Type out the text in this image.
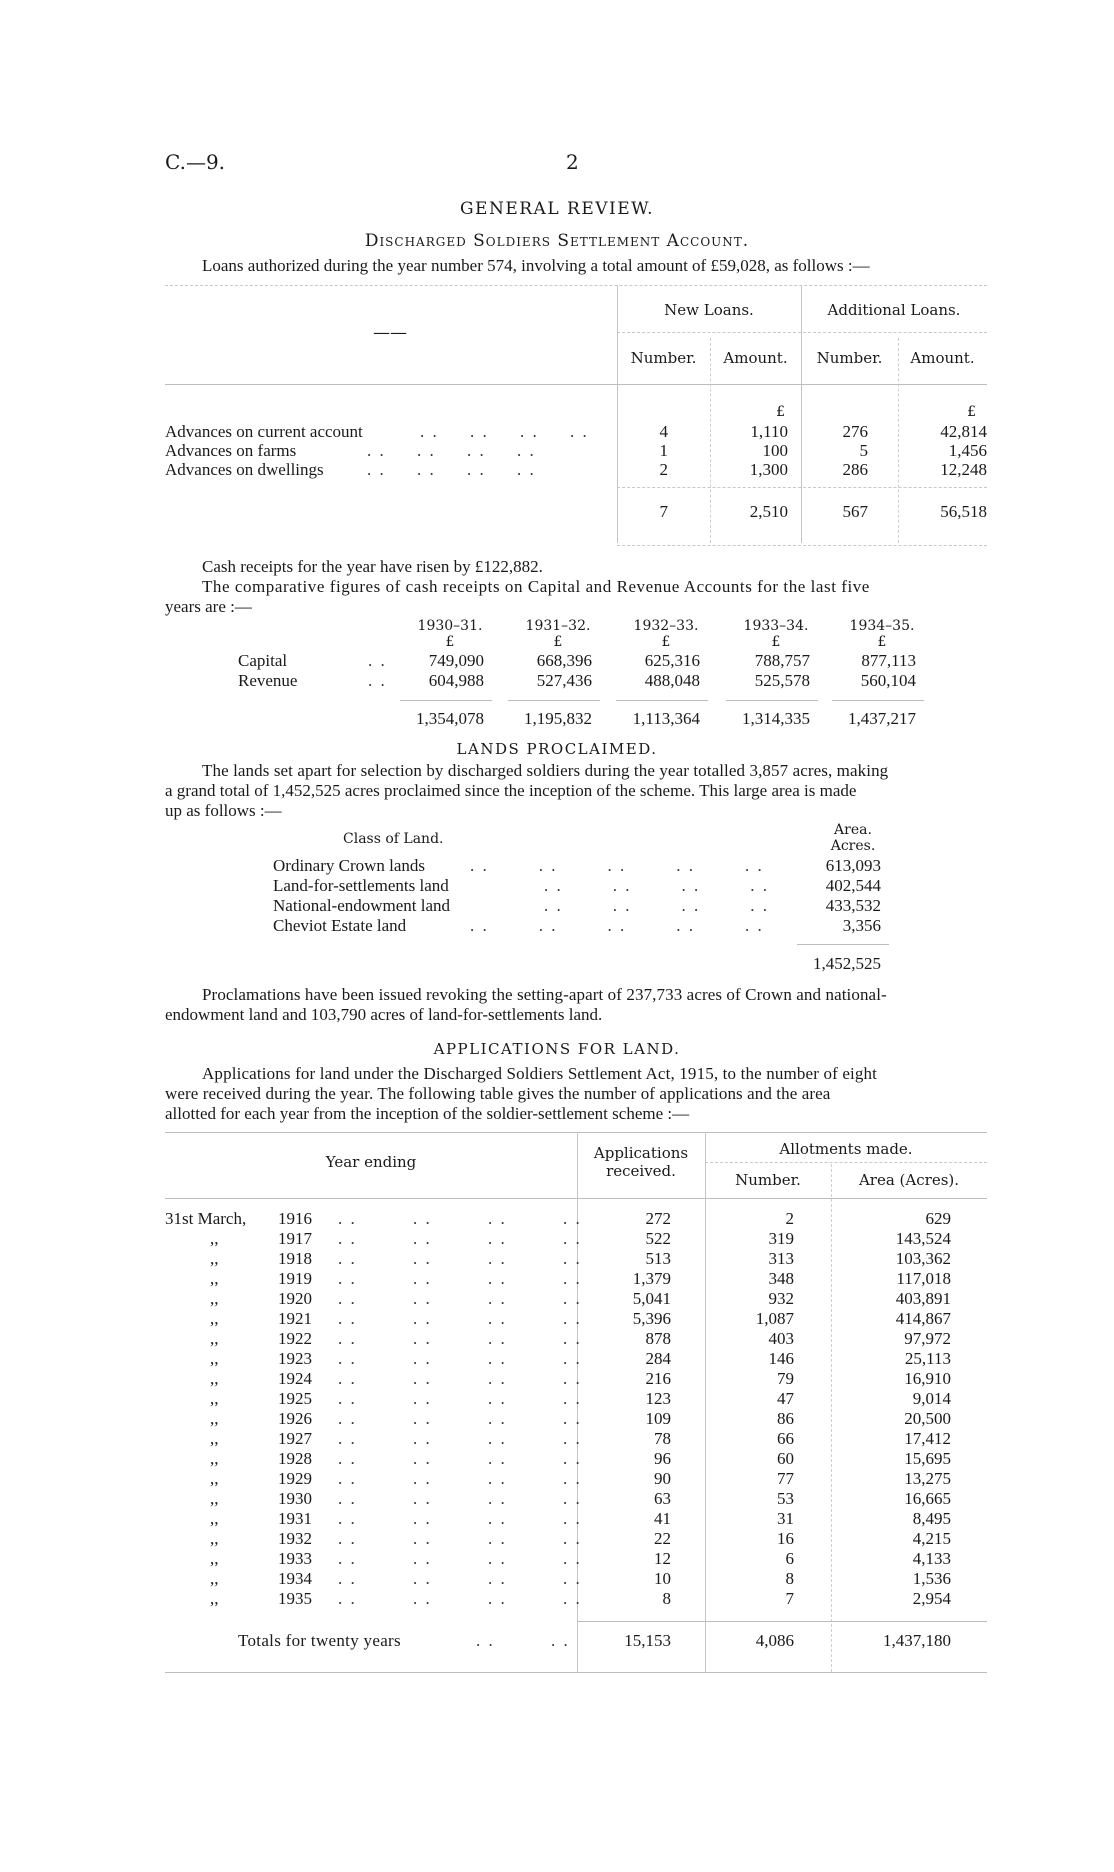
C.—9.	2
GENERAL REVIEW.
Discharged Soldiers Settlement Account.
Loans authorized during the year number 574, involving a total amount of £59,028, as follows :—
——
New Loans.	Additional Loans.
Number.	Amount.	Number.	Amount.
£	£
Advances on current account	. .     . .     . .     . .	4	1,110	276	42,814
Advances on farms	. .     . .     . .     . .	1	100	5	1,456
Advances on dwellings	. .     . .     . .     . .	2	1,300	286	12,248
7	2,510	567	56,518
Cash receipts for the year have risen by £122,882.
The comparative figures of cash receipts on Capital and Revenue Accounts for the last five
years are :—
1930–31.	1931–32.	1932–33.	1933–34.	1934–35.
£	£	£	£	£
Capital	. .	749,090	668,396	625,316	788,757	877,113
Revenue	. .	604,988	527,436	488,048	525,578	560,104
1,354,078	1,195,832	1,113,364	1,314,335	1,437,217
LANDS PROCLAIMED.
The lands set apart for selection by discharged soldiers during the year totalled 3,857 acres, making
a grand total of 1,452,525 acres proclaimed since the inception of the scheme. This large area is made
up as follows :—
Class of Land.
Area.
Acres.
Ordinary Crown lands	. .        . .        . .        . .        . .	613,093
Land-for-settlements land	. .        . .        . .        . .	402,544
National-endowment land	. .        . .        . .        . .	433,532
Cheviot Estate land	. .        . .        . .        . .        . .	3,356
1,452,525
Proclamations have been issued revoking the setting-apart of 237,733 acres of Crown and national-
endowment land and 103,790 acres of land-for-settlements land.
APPLICATIONS FOR LAND.
Applications for land under the Discharged Soldiers Settlement Act, 1915, to the number of eight
were received during the year. The following table gives the number of applications and the area
allotted for each year from the inception of the soldier-settlement scheme :—
Year ending	Applications received.
Allotments made.
Number.	Area (Acres).
31st March,	1916 . .         . .         . .         . .	272	2	629
,,	1917 . .         . .         . .         . .	522	319	143,524
,,	1918 . .         . .         . .         . .	513	313	103,362
,,	1919 . .         . .         . .         . .	1,379	348	117,018
,,	1920 . .         . .         . .         . .	5,041	932	403,891
,,	1921 . .         . .         . .         . .	5,396	1,087	414,867
,,	1922 . .         . .         . .         . .	878	403	97,972
,,	1923 . .         . .         . .         . .	284	146	25,113
,,	1924 . .         . .         . .         . .	216	79	16,910
,,	1925 . .         . .         . .         . .	123	47	9,014
,,	1926 . .         . .         . .         . .	109	86	20,500
,,	1927 . .         . .         . .         . .	78	66	17,412
,,	1928 . .         . .         . .         . .	96	60	15,695
,,	1929 . .         . .         . .         . .	90	77	13,275
,,	1930 . .         . .         . .         . .	63	53	16,665
,,	1931 . .         . .         . .         . .	41	31	8,495
,,	1932 . .         . .         . .         . .	22	16	4,215
,,	1933 . .         . .         . .         . .	12	6	4,133
,,	1934 . .         . .         . .         . .	10	8	1,536
,,	1935 . .         . .         . .         . .	8	7	2,954
Totals for twenty years	. .         . .	15,153	4,086	1,437,180
